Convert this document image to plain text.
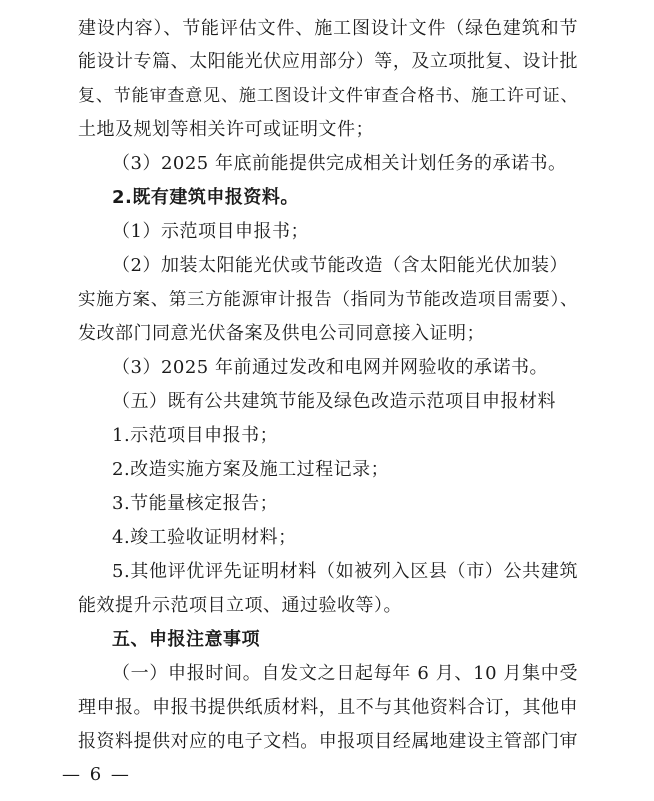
建设内容）、节能评估文件、施工图设计文件（绿色建筑和节
能设计专篇、太阳能光伏应用部分）等，及立项批复、设计批
复、节能审查意见、施工图设计文件审查合格书、施工许可证、
土地及规划等相关许可或证明文件；
（3）2025 年底前能提供完成相关计划任务的承诺书。
2.既有建筑申报资料。
（1）示范项目申报书；
（2）加装太阳能光伏或节能改造（含太阳能光伏加装）
实施方案、第三方能源审计报告（指同为节能改造项目需要）、
发改部门同意光伏备案及供电公司同意接入证明；
（3）2025 年前通过发改和电网并网验收的承诺书。
（五）既有公共建筑节能及绿色改造示范项目申报材料
1.示范项目申报书；
2.改造实施方案及施工过程记录；
3.节能量核定报告；
4.竣工验收证明材料；
5.其他评优评先证明材料（如被列入区县（市）公共建筑
能效提升示范项目立项、通过验收等）。
五、申报注意事项
（一）申报时间。自发文之日起每年 6 月、10 月集中受
理申报。申报书提供纸质材料，且不与其他资料合订，其他申
报资料提供对应的电子文档。申报项目经属地建设主管部门审
— 6 —
